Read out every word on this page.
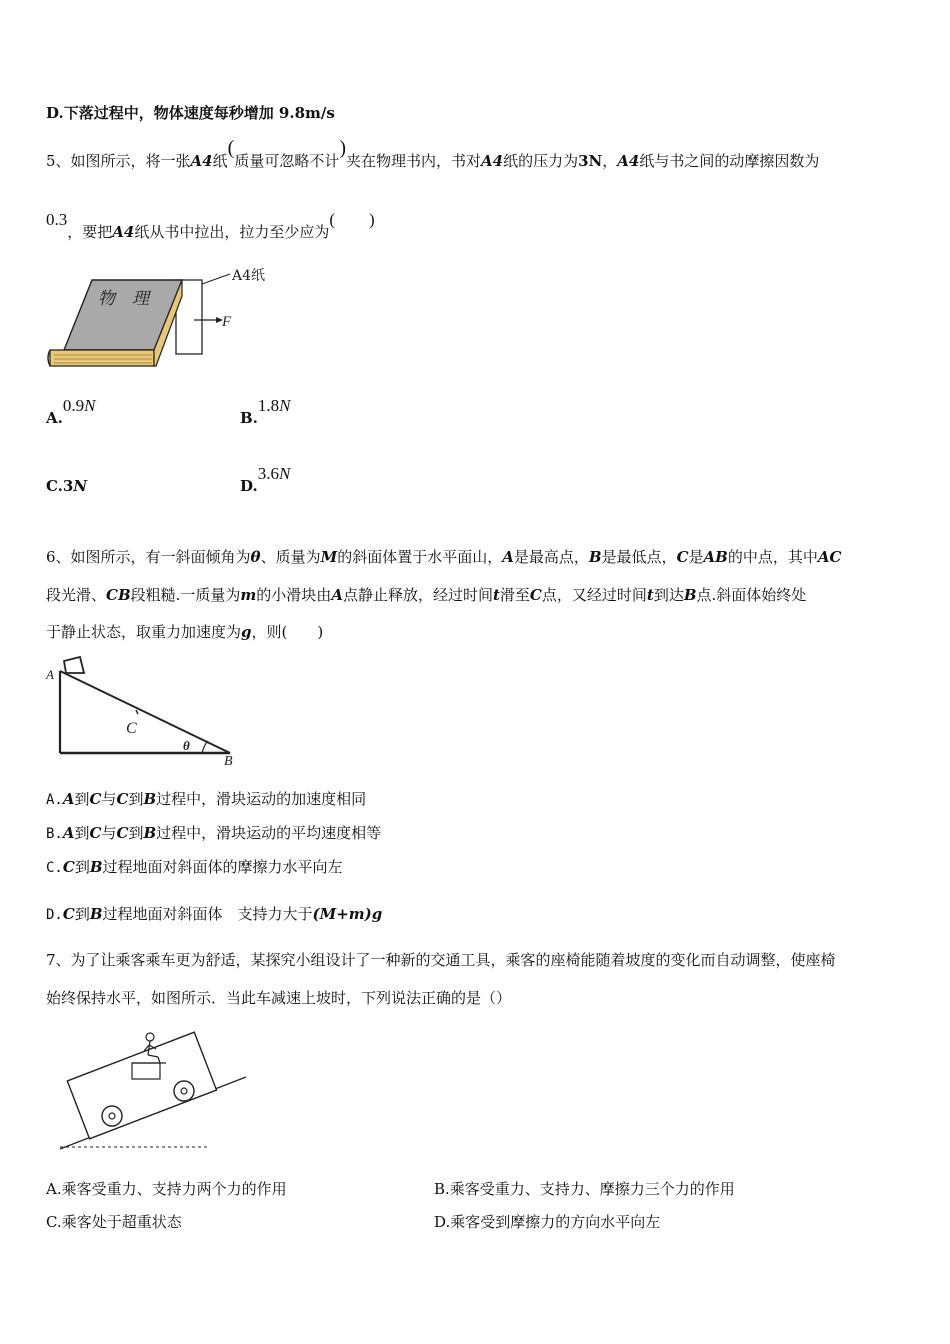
D.下落过程中，物体速度每秒增加 9.8m/s
5、如图所示，将一张A4纸(质量可忽略不计)夹在物理书内，书对A4纸的压力为3N，A4纸与书之间的动摩擦因数为
0.3，要把A4纸从书中拉出，拉力至少应为(　　)
物　理
A4纸
F
A.0.9N
B.1.8N
C.3N	D.3.6N
6、如图所示，有一斜面倾角为θ、质量为M的斜面体置于水平面山，A是最高点，B是最低点，C是AB的中点，其中AC
段光滑、CB段粗糙.一质量为m的小滑块由A点静止释放，经过时间t滑至C点，又经过时间t到达B点.斜面体始终处
于静止状态，取重力加速度为g，则(　　)
A
C
θ
B
A.A到C与C到B过程中，滑块运动的加速度相同
B.A到C与C到B过程中，滑块运动的平均速度相等
C.C到B过程地面对斜面体的摩擦力水平向左
D.C到B过程地面对斜面体　支持力大于(M+m)g
7、为了让乘客乘车更为舒适，某探究小组设计了一种新的交通工具，乘客的座椅能随着坡度的变化而自动调整，使座椅
始终保持水平，如图所示．当此车减速上坡时，下列说法正确的是（）
A.乘客受重力、支持力两个力的作用	B.乘客受重力、支持力、摩擦力三个力的作用
C.乘客处于超重状态	D.乘客受到摩擦力的方向水平向左
